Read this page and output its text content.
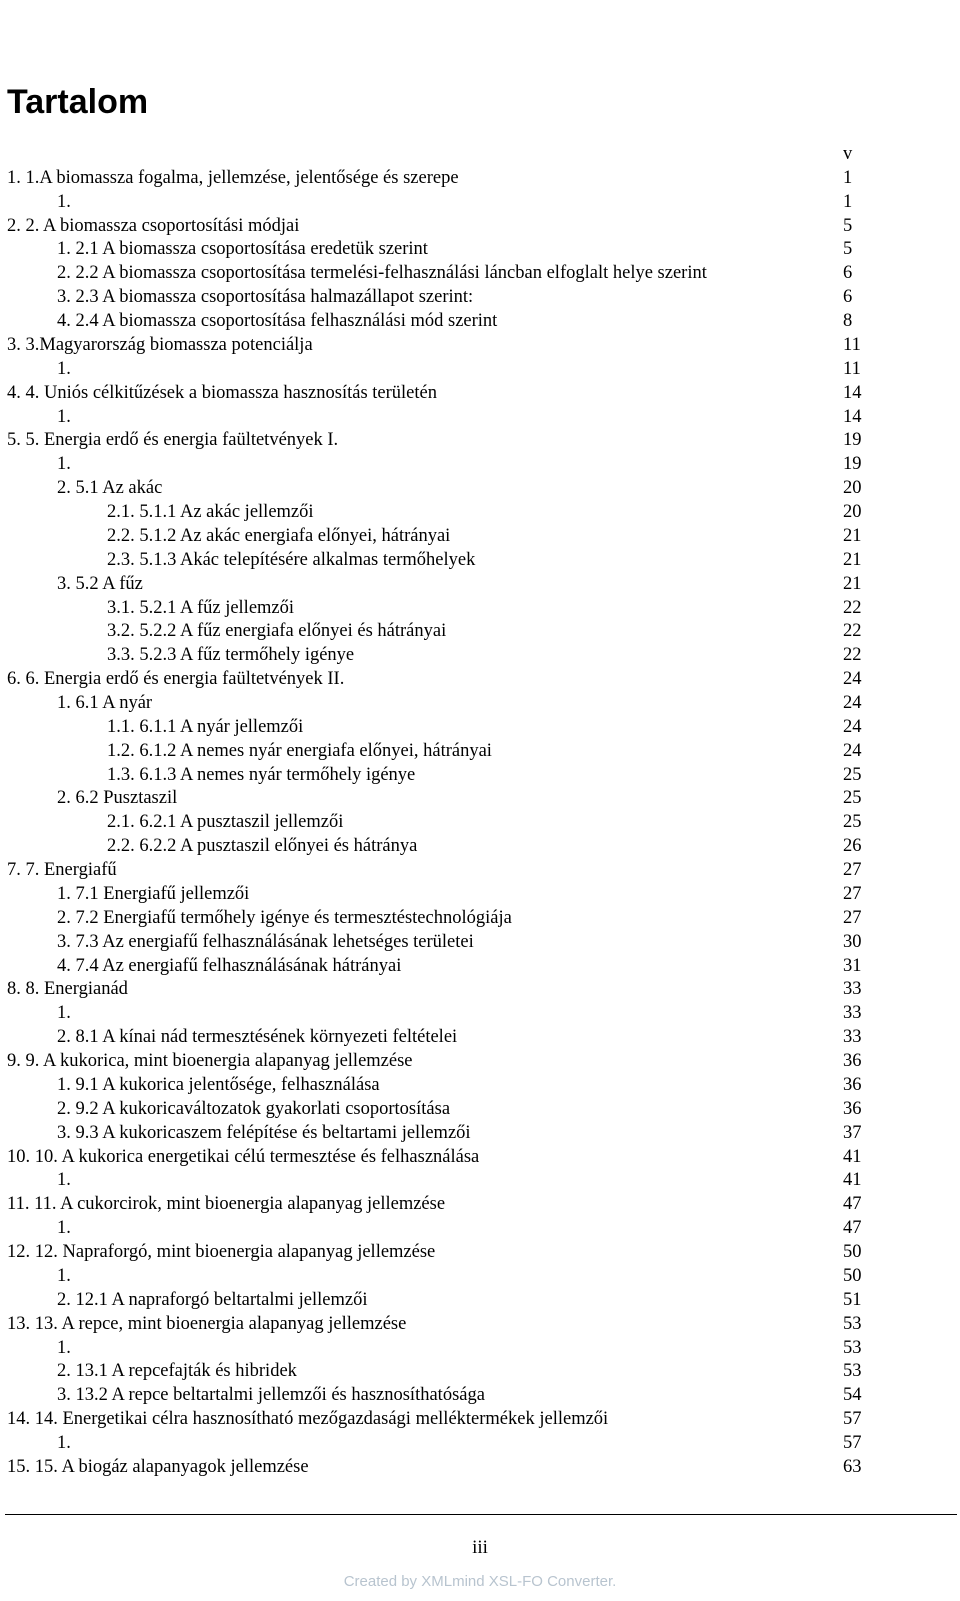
Tartalom
v
1. 1.A biomassza fogalma, jellemzése, jelentősége és szerepe	1
1.	1
2. 2. A biomassza csoportosítási módjai	5
1. 2.1 A biomassza csoportosítása eredetük szerint	5
2. 2.2 A biomassza csoportosítása termelési-felhasználási láncban elfoglalt helye szerint	6
3. 2.3 A biomassza csoportosítása halmazállapot szerint:	6
4. 2.4 A biomassza csoportosítása felhasználási mód szerint	8
3. 3.Magyarország biomassza potenciálja	11
1.	11
4. 4. Uniós célkitűzések a biomassza hasznosítás területén	14
1.	14
5. 5. Energia erdő és energia faültetvények I.	19
1.	19
2. 5.1 Az akác	20
2.1. 5.1.1 Az akác jellemzői	20
2.2. 5.1.2 Az akác energiafa előnyei, hátrányai	21
2.3. 5.1.3 Akác telepítésére alkalmas termőhelyek	21
3. 5.2 A fűz	21
3.1. 5.2.1 A fűz jellemzői	22
3.2. 5.2.2 A fűz energiafa előnyei és hátrányai	22
3.3. 5.2.3 A fűz termőhely igénye	22
6. 6. Energia erdő és energia faültetvények II.	24
1. 6.1 A nyár	24
1.1. 6.1.1 A nyár jellemzői	24
1.2. 6.1.2 A nemes nyár energiafa előnyei, hátrányai	24
1.3. 6.1.3 A nemes nyár termőhely igénye	25
2. 6.2 Pusztaszil	25
2.1. 6.2.1 A pusztaszil jellemzői	25
2.2. 6.2.2 A pusztaszil előnyei és hátránya	26
7. 7. Energiafű	27
1. 7.1 Energiafű jellemzői	27
2. 7.2 Energiafű termőhely igénye és termesztéstechnológiája	27
3. 7.3 Az energiafű felhasználásának lehetséges területei	30
4. 7.4 Az energiafű felhasználásának hátrányai	31
8. 8. Energianád	33
1.	33
2. 8.1 A kínai nád termesztésének környezeti feltételei	33
9. 9. A kukorica, mint bioenergia alapanyag jellemzése	36
1. 9.1 A kukorica jelentősége, felhasználása	36
2. 9.2 A kukoricaváltozatok gyakorlati csoportosítása	36
3. 9.3 A kukoricaszem felépítése és beltartami jellemzői	37
10. 10. A kukorica energetikai célú termesztése és felhasználása	41
1.	41
11. 11. A cukorcirok, mint bioenergia alapanyag jellemzése	47
1.	47
12. 12. Napraforgó, mint bioenergia alapanyag jellemzése	50
1.	50
2. 12.1 A napraforgó beltartalmi jellemzői	51
13. 13. A repce, mint bioenergia alapanyag jellemzése	53
1.	53
2. 13.1 A repcefajták és hibridek	53
3. 13.2 A repce beltartalmi jellemzői és hasznosíthatósága	54
14. 14. Energetikai célra hasznosítható mezőgazdasági melléktermékek jellemzői	57
1.	57
15. 15. A biogáz alapanyagok jellemzése	63
iii
Created by XMLmind XSL-FO Converter.
